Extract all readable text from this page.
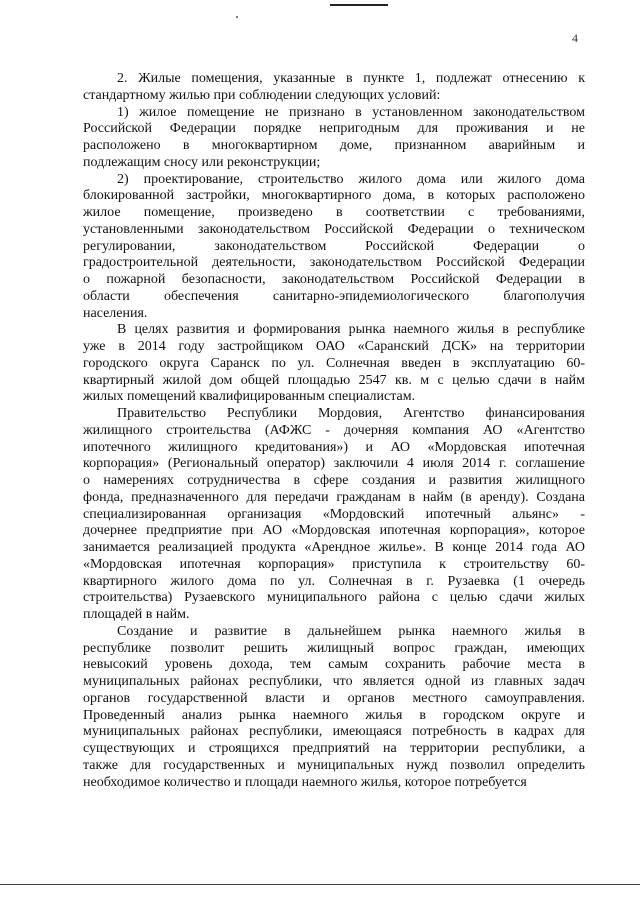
4
2. Жилые помещения, указанные в пункте 1, подлежат отнесению к
стандартному жилью при соблюдении следующих условий:
1) жилое помещение не признано в установленном законодательством
Российской Федерации порядке непригодным для проживания и не
расположено в многоквартирном доме, признанном аварийным и
подлежащим сносу или реконструкции;
2) проектирование, строительство жилого дома или жилого дома
блокированной застройки, многоквартирного дома, в которых расположено
жилое помещение, произведено в соответствии с требованиями,
установленными законодательством Российской Федерации о техническом
регулировании, законодательством Российской Федерации о
градостроительной деятельности, законодательством Российской Федерации
о пожарной безопасности, законодательством Российской Федерации в
области обеспечения санитарно-эпидемиологического благополучия
населения.
В целях развития и формирования рынка наемного жилья в республике
уже в 2014 году застройщиком ОАО «Саранский ДСК» на территории
городского округа Саранск по ул. Солнечная введен в эксплуатацию 60-
квартирный жилой дом общей площадью 2547 кв. м с целью сдачи в найм
жилых помещений квалифицированным специалистам.
Правительство Республики Мордовия, Агентство финансирования
жилищного строительства (АФЖС - дочерняя компания АО «Агентство
ипотечного жилищного кредитования») и АО «Мордовская ипотечная
корпорация» (Региональный оператор) заключили 4 июля 2014 г. соглашение
о намерениях сотрудничества в сфере создания и развития жилищного
фонда, предназначенного для передачи гражданам в найм (в аренду). Создана
специализированная организация «Мордовский ипотечный альянс» -
дочернее предприятие при АО «Мордовская ипотечная корпорация», которое
занимается реализацией продукта «Арендное жилье». В конце 2014 года АО
«Мордовская ипотечная корпорация» приступила к строительству 60-
квартирного жилого дома по ул. Солнечная в г. Рузаевка (1 очередь
строительства) Рузаевского муниципального района с целью сдачи жилых
площадей в найм.
Создание и развитие в дальнейшем рынка наемного жилья в
республике позволит решить жилищный вопрос граждан, имеющих
невысокий уровень дохода, тем самым сохранить рабочие места в
муниципальных районах республики, что является одной из главных задач
органов государственной власти и органов местного самоуправления.
Проведенный анализ рынка наемного жилья в городском округе и
муниципальных районах республики, имеющаяся потребность в кадрах для
существующих и строящихся предприятий на территории республики, а
также для государственных и муниципальных нужд позволил определить
необходимое количество и площади наемного жилья, которое потребуется
